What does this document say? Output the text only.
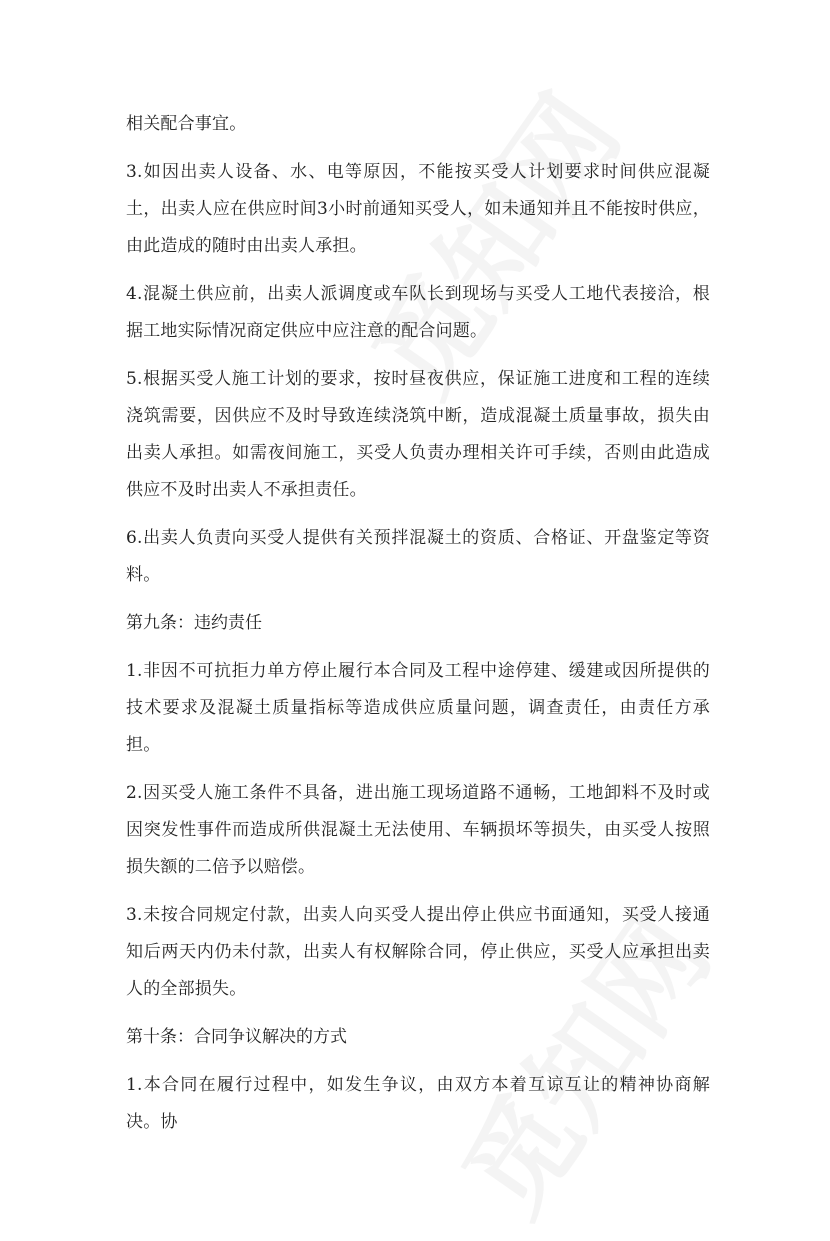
相关配合事宜。

3.如因出卖人设备、水、电等原因，不能按买受人计划要求时间供应混凝土，出卖人应在供应时间3小时前通知买受人，如未通知并且不能按时供应，由此造成的随时由出卖人承担。

4.混凝土供应前，出卖人派调度或车队长到现场与买受人工地代表接洽，根据工地实际情况商定供应中应注意的配合问题。

5.根据买受人施工计划的要求，按时昼夜供应，保证施工进度和工程的连续浇筑需要，因供应不及时导致连续浇筑中断，造成混凝土质量事故，损失由出卖人承担。如需夜间施工，买受人负责办理相关许可手续，否则由此造成供应不及时出卖人不承担责任。

6.出卖人负责向买受人提供有关预拌混凝土的资质、合格证、开盘鉴定等资料。

第九条：违约责任

1.非因不可抗拒力单方停止履行本合同及工程中途停建、缓建或因所提供的技术要求及混凝土质量指标等造成供应质量问题，调查责任，由责任方承担。

2.因买受人施工条件不具备，进出施工现场道路不通畅，工地卸料不及时或因突发性事件而造成所供混凝土无法使用、车辆损坏等损失，由买受人按照损失额的二倍予以赔偿。

3.未按合同规定付款，出卖人向买受人提出停止供应书面通知，买受人接通知后两天内仍未付款，出卖人有权解除合同，停止供应，买受人应承担出卖人的全部损失。

第十条：合同争议解决的方式

1.本合同在履行过程中，如发生争议，由双方本着互谅互让的精神协商解决。协
